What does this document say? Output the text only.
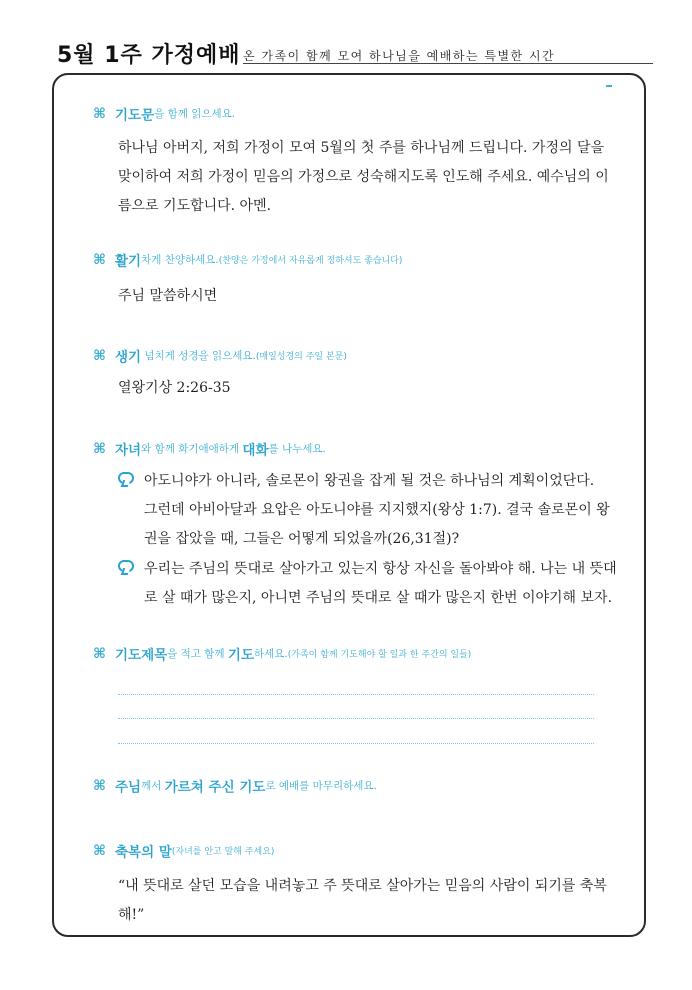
5월 1주 가정예배 온 가족이 함께 모여 하나님을 예배하는 특별한 시간
⌘ 기도문을 함께 읽으세요.
하나님 아버지, 저희 가정이 모여 5월의 첫 주를 하나님께 드립니다. 가정의 달을
맞이하여 저희 가정이 믿음의 가정으로 성숙해지도록 인도해 주세요. 예수님의 이
름으로 기도합니다. 아멘.
⌘ 활기차게 찬양하세요.(찬양은 가정에서 자유롭게 정하셔도 좋습니다)
주님 말씀하시면
⌘ 생기 넘치게 성경을 읽으세요.(매일성경의 주일 본문)
열왕기상 2:26-35
⌘ 자녀와 함께 화기애애하게 대화를 나누세요.
아도니야가 아니라, 솔로몬이 왕권을 잡게 될 것은 하나님의 계획이었단다.
그런데 아비아달과 요압은 아도니야를 지지했지(왕상 1:7). 결국 솔로몬이 왕
권을 잡았을 때, 그들은 어떻게 되었을까(26,31절)?
우리는 주님의 뜻대로 살아가고 있는지 항상 자신을 돌아봐야 해. 나는 내 뜻대
로 살 때가 많은지, 아니면 주님의 뜻대로 살 때가 많은지 한번 이야기해 보자.
⌘ 기도제목을 적고 함께 기도하세요.(가족이 함께 기도해야 할 일과 한 주간의 일들)
⌘ 주님께서 가르쳐 주신 기도로 예배를 마무리하세요.
⌘ 축복의 말(자녀를 안고 말해 주세요)
“내 뜻대로 살던 모습을 내려놓고 주 뜻대로 살아가는 믿음의 사람이 되기를 축복
해!”
